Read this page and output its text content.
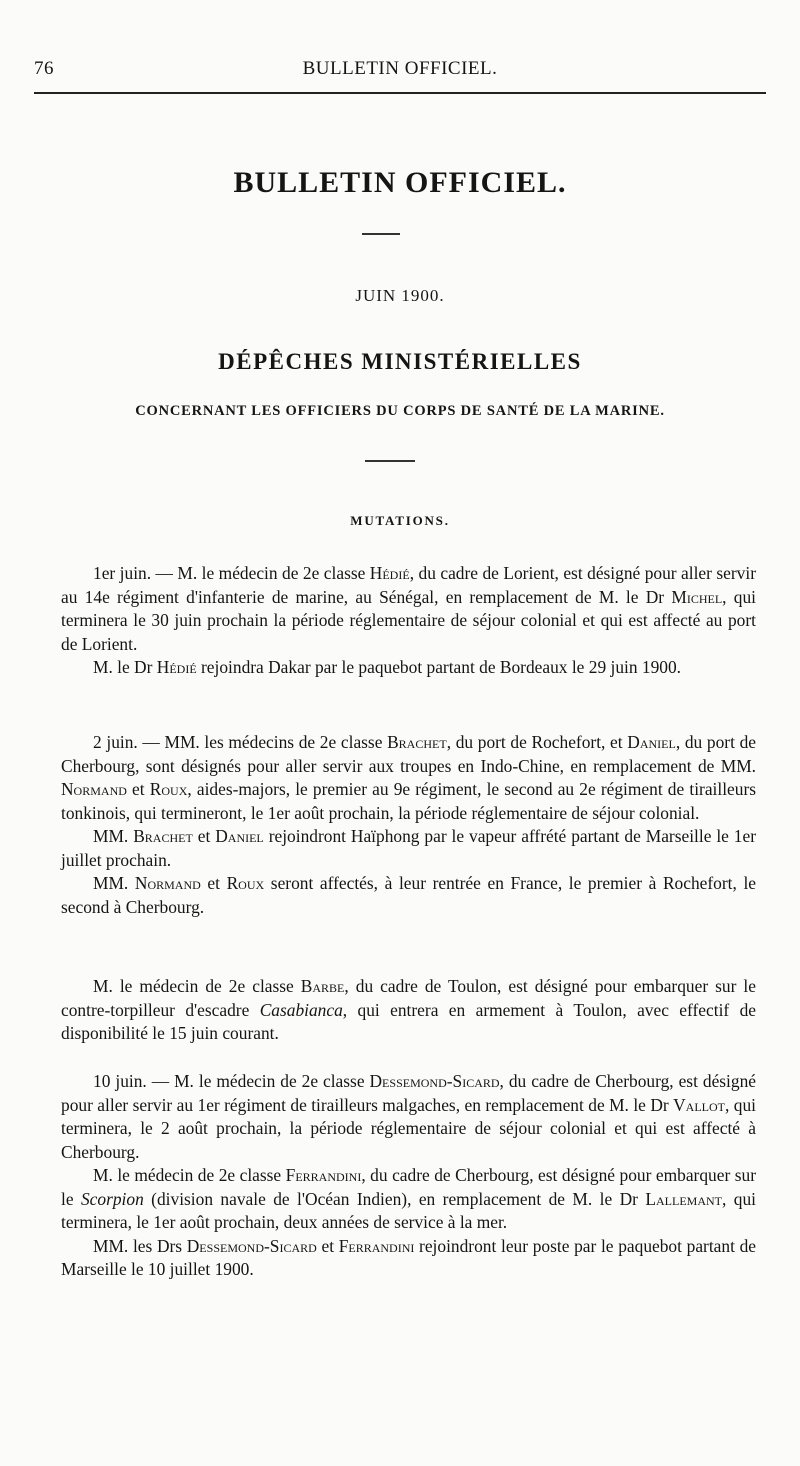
76	BULLETIN OFFICIEL.
BULLETIN OFFICIEL.
JUIN 1900.
DÉPÊCHES MINISTÉRIELLES
CONCERNANT LES OFFICIERS DU CORPS DE SANTÉ DE LA MARINE.
MUTATIONS.

1er juin. — M. le médecin de 2e classe Hédié, du cadre de Lorient, est désigné pour aller servir au 14e régiment d'infanterie de marine, au Sénégal, en remplacement de M. le Dr Michel, qui terminera le 30 juin prochain la période réglementaire de séjour colonial et qui est affecté au port de Lorient.

M. le Dr Hédié rejoindra Dakar par le paquebot partant de Bordeaux le 29 juin 1900.

2 juin. — MM. les médecins de 2e classe Brachet, du port de Rochefort, et Daniel, du port de Cherbourg, sont désignés pour aller servir aux troupes en Indo-Chine, en remplacement de MM. Normand et Roux, aides-majors, le premier au 9e régiment, le second au 2e régiment de tirailleurs tonkinois, qui termineront, le 1er août prochain, la période réglementaire de séjour colonial.

MM. Brachet et Daniel rejoindront Haïphong par le vapeur affrété partant de Marseille le 1er juillet prochain.

MM. Normand et Roux seront affectés, à leur rentrée en France, le premier à Rochefort, le second à Cherbourg.

M. le médecin de 2e classe Barbe, du cadre de Toulon, est désigné pour embarquer sur le contre-torpilleur d'escadre Casabianca, qui entrera en armement à Toulon, avec effectif de disponibilité le 15 juin courant.

10 juin. — M. le médecin de 2e classe Dessemond-Sicard, du cadre de Cherbourg, est désigné pour aller servir au 1er régiment de tirailleurs malgaches, en remplacement de M. le Dr Vallot, qui terminera, le 2 août prochain, la période réglementaire de séjour colonial et qui est affecté à Cherbourg.

M. le médecin de 2e classe Ferrandini, du cadre de Cherbourg, est désigné pour embarquer sur le Scorpion (division navale de l'Océan Indien), en remplacement de M. le Dr Lallemant, qui terminera, le 1er août prochain, deux années de service à la mer.

MM. les Drs Dessemond-Sicard et Ferrandini rejoindront leur poste par le paquebot partant de Marseille le 10 juillet 1900.
